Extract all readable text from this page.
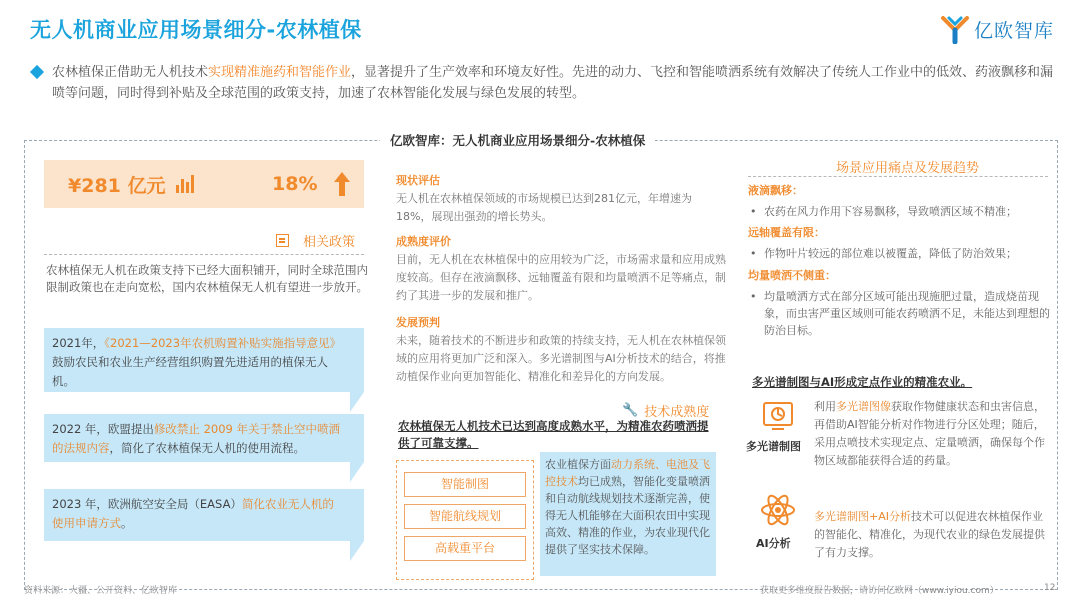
无人机商业应用场景细分-农林植保	亿欧智库
农林植保正借助无人机技术实现精准施药和智能作业，显著提升了生产效率和环境友好性。先进的动力、飞控和智能喷洒系统有效解决了传统人工作业中的低效、药液飘移和漏喷等问题，同时得到补贴及全球范围的政策支持，加速了农林智能化发展与绿色发展的转型。
亿欧智库：无人机商业应用场景细分-农林植保
¥281 亿元	18%
相关政策
农林植保无人机在政策支持下已经大面积铺开，同时全球范围内限制政策也在走向宽松，国内农林植保无人机有望进一步放开。
2021年，《2021—2023年农机购置补贴实施指导意见》鼓励农民和农业生产经营组织购置先进适用的植保无人机。
2022 年，欧盟提出修改禁止 2009 年关于禁止空中喷洒的法规内容，简化了农林植保无人机的使用流程。
2023 年，欧洲航空安全局（EASA）简化农业无人机的使用申请方式。
现状评估
无人机在农林植保领域的市场规模已达到281亿元，年增速为18%，展现出强劲的增长势头。
成熟度评价
目前，无人机在农林植保中的应用较为广泛，市场需求量和应用成熟度较高。但存在液滴飘移、远轴覆盖有限和均量喷洒不足等痛点，制约了其进一步的发展和推广。
发展预判
未来，随着技术的不断进步和政策的持续支持，无人机在农林植保领域的应用将更加广泛和深入。多光谱制图与AI分析技术的结合，将推动植保作业向更加智能化、精准化和差异化的方向发展。
🔧 技术成熟度
农林植保无人机技术已达到高度成熟水平，为精准农药喷洒提供了可靠支撑。
智能制图
智能航线规划
高载重平台
农业植保方面动力系统、电池及飞控技术均已成熟，智能化变量喷洒和自动航线规划技术逐渐完善，使得无人机能够在大面积农田中实现高效、精准的作业，为农业现代化提供了坚实技术保障。
场景应用痛点及发展趋势
液滴飘移：
• 农药在风力作用下容易飘移，导致喷洒区域不精准；
远轴覆盖有限：
• 作物叶片较远的部位难以被覆盖，降低了防治效果；
均量喷洒不侧重：
• 均量喷洒方式在部分区域可能出现施肥过量，造成烧苗现象，而虫害严重区域则可能农药喷洒不足，未能达到理想的防治目标。
多光谱制图与AI形成定点作业的精准农业。
多光谱制图
AI分析
利用多光谱图像获取作物健康状态和虫害信息，再借助AI智能分析对作物进行分区处理；随后，采用点喷技术实现定点、定量喷洒，确保每个作物区域都能获得合适的药量。
多光谱制图+AI分析技术可以促进农林植保作业的智能化、精准化，为现代农业的绿色发展提供了有力支撑。
资料来源：大疆、公开资料、亿欧智库	获取更多维度报告数据，请访问亿欧网（www.iyiou.com）	12
